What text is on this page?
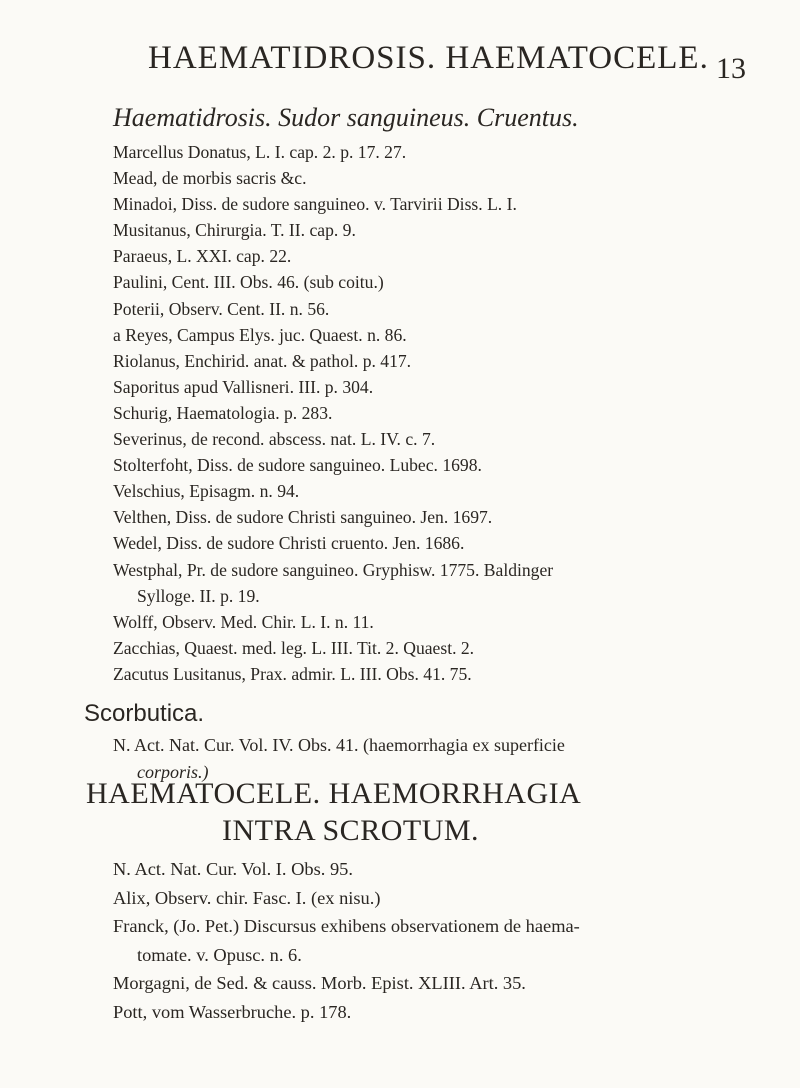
HAEMATIDROSIS. HAEMATOCELE. 13
Haematidrosis. Sudor sanguineus. Cruentus.
Marcellus Donatus, L. I. cap. 2. p. 17. 27.
Mead, de morbis sacris &c.
Minadoi, Diss. de sudore sanguineo. v. Tarvirii Diss. L. I.
Musitanus, Chirurgia. T. II. cap. 9.
Paraeus, L. XXI. cap. 22.
Paulini, Cent. III. Obs. 46. (sub coitu.)
Poterii, Observ. Cent. II. n. 56.
a Reyes, Campus Elys. juc. Quaest. n. 86.
Riolanus, Enchirid. anat. & pathol. p. 417.
Saporitus apud Vallisneri. III. p. 304.
Schurig, Haematologia. p. 283.
Severinus, de recond. abscess. nat. L. IV. c. 7.
Stolterfoht, Diss. de sudore sanguineo. Lubec. 1698.
Velschius, Episagm. n. 94.
Velthen, Diss. de sudore Christi sanguineo. Jen. 1697.
Wedel, Diss. de sudore Christi cruento. Jen. 1686.
Westphal, Pr. de sudore sanguineo. Gryphisw. 1775. Baldinger
Sylloge. II. p. 19.
Wolff, Observ. Med. Chir. L. I. n. 11.
Zacchias, Quaest. med. leg. L. III. Tit. 2. Quaest. 2.
Zacutus Lusitanus, Prax. admir. L. III. Obs. 41. 75.
Scorbutica.
N. Act. Nat. Cur. Vol. IV. Obs. 41. (haemorrhagia ex superficie
corporis.)
HAEMATOCELE. HAEMORRHAGIA
INTRA SCROTUM.
N. Act. Nat. Cur. Vol. I. Obs. 95.
Alix, Observ. chir. Fasc. I. (ex nisu.)
Franck, (Jo. Pet.) Discursus exhibens observationem de haema-
tomate. v. Opusc. n. 6.
Morgagni, de Sed. & causs. Morb. Epist. XLIII. Art. 35.
Pott, vom Wasserbruche. p. 178.
